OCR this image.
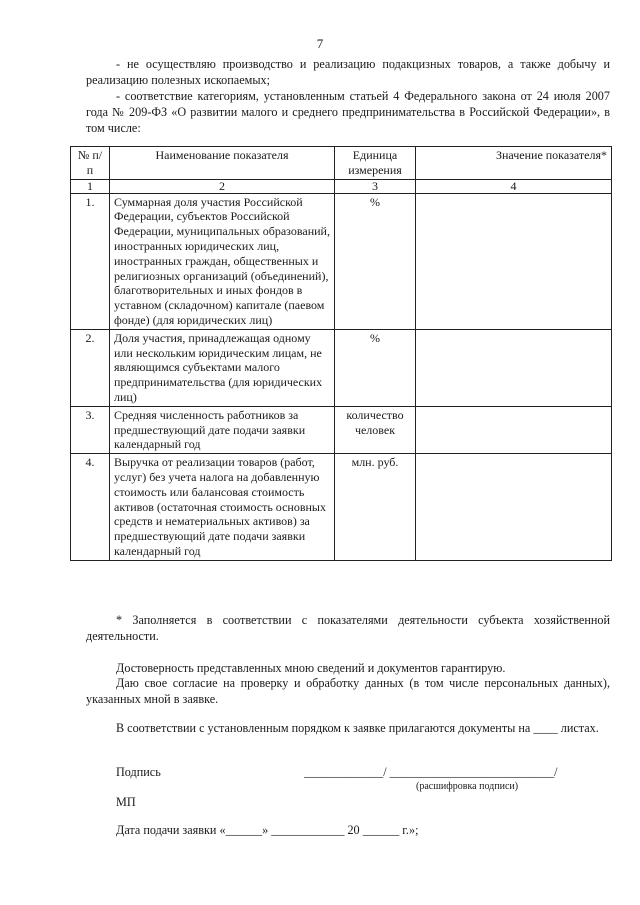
7

- не осуществляю производство и реализацию подакцизных товаров, а также добычу и реализацию полезных ископаемых;

- соответствие категориям, установленным статьей 4 Федерального закона от 24 июля 2007 года № 209-ФЗ «О развитии малого и среднего предпринимательства в Российской Федерации», в том числе:

№ п/п	Наименование показателя	Единица измерения	Значение показателя*
1	2	3	4
1.	Суммарная доля участия Российской Федерации, субъектов Российской Федерации, муниципальных образований, иностранных юридических лиц, иностранных граждан, общественных и религиозных организаций (объединений), благотворительных и иных фондов в уставном (складочном) капитале (паевом фонде) (для юридических лиц)	%	
2.	Доля участия, принадлежащая одному или нескольким юридическим лицам, не являющимся субъектами малого предпринимательства (для юридических лиц)	%	
3.	Средняя численность работников за предшествующий дате подачи заявки календарный год	количество человек	
4.	Выручка от реализации товаров (работ, услуг) без учета налога на добавленную стоимость или балансовая стоимость активов (остаточная стоимость основных средств и нематериальных активов) за предшествующий дате подачи заявки календарный год	млн. руб.	

* Заполняется в соответствии с показателями деятельности субъекта хозяйственной деятельности.

Достоверность представленных мною сведений и документов гарантирую.

Даю свое согласие на проверку и обработку данных (в том числе персональных данных), указанных мной в заявке.

В соответствии с установленным порядком к заявке прилагаются документы на ____ листах.

Подпись	_____________/ ___________________________/
(расшифровка подписи)
МП
Дата подачи заявки «______» ____________ 20 ______ г.»;
